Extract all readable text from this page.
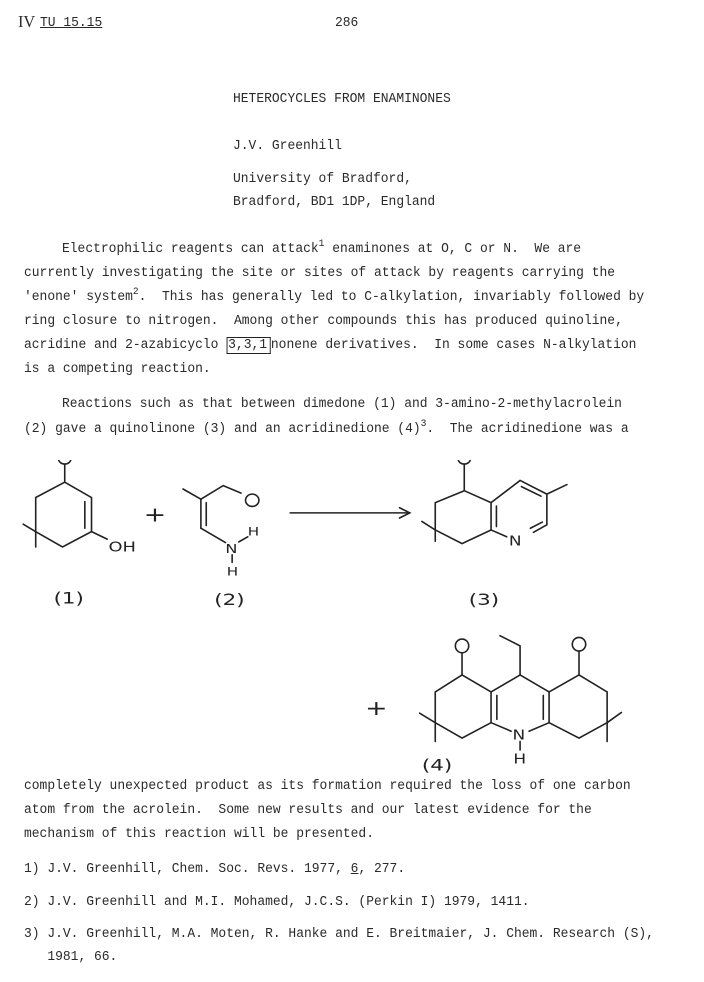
IV TU 15.15	286
HETEROCYCLES FROM ENAMINONES
J.V. Greenhill
University of Bradford,
Bradford, BD1 1DP, England
Electrophilic reagents can attack$^1$ enaminones at O, C or N.  We are
currently investigating the site or sites of attack by reagents carrying the
'enone' system$^2$.  This has generally led to C-alkylation, invariably followed by
ring closure to nitrogen.  Among other compounds this has produced quinoline,
acridine and 2-azabicyclo 3,3,1 nonene derivatives.  In some cases N-alkylation
is a competing reaction.
Reactions such as that between dimedone (1) and 3-amino-2-methylacrolein
(2) gave a quinolinone (3) and an acridinedione $(4)^3$.  The acridinedione was a
OH
+
N
H
H
N
(1)	(2)	(3)
+
N
H
(4)
completely unexpected product as its formation required the loss of one carbon
atom from the acrolein.  Some new results and our latest evidence for the
mechanism of this reaction will be presented.
1) J.V. Greenhill, Chem. Soc. Revs. 1977, 6, 277.
2) J.V. Greenhill and M.I. Mohamed, J.C.S. (Perkin I) 1979, 1411.
3) J.V. Greenhill, M.A. Moten, R. Hanke and E. Breitmaier, J. Chem. Research (S),
1981, 66.
